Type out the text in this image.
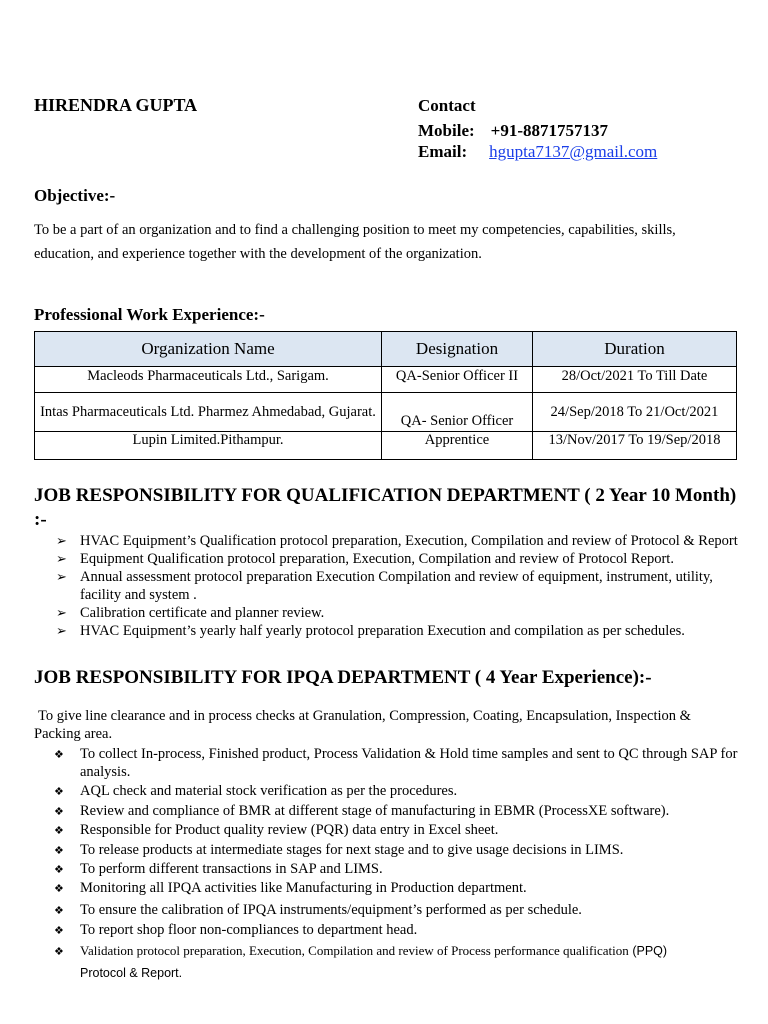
HIRENDRA GUPTA	Contact
Mobile: +91-8871757137
Email: hgupta7137@gmail.com
Objective:-
To be a part of an organization and to find a challenging position to meet my competencies, capabilities, skills, education, and experience together with the development of the organization.
Professional Work Experience:-
Organization Name	Designation	Duration
Macleods Pharmaceuticals Ltd., Sarigam.	QA-Senior Officer II	28/Oct/2021 To Till Date
Intas Pharmaceuticals Ltd. Pharmez Ahmedabad, Gujarat.	QA- Senior Officer	24/Sep/2018 To 21/Oct/2021
Lupin Limited.Pithampur.	Apprentice	13/Nov/2017 To 19/Sep/2018
JOB RESPONSIBILITY FOR QUALIFICATION DEPARTMENT ( 2 Year 10 Month) :-
➢ HVAC Equipment’s Qualification protocol preparation, Execution, Compilation and review of Protocol & Report
➢ Equipment Qualification protocol preparation, Execution, Compilation and review of Protocol Report.
➢ Annual assessment protocol preparation Execution Compilation and review of equipment, instrument, utility, facility and system .
➢ Calibration certificate and planner review.
➢ HVAC Equipment’s yearly half yearly protocol preparation Execution and compilation as per schedules.
JOB RESPONSIBILITY FOR IPQA DEPARTMENT ( 4 Year Experience):-
To give line clearance and in process checks at Granulation, Compression, Coating, Encapsulation, Inspection & Packing area.
❖ To collect In-process, Finished product, Process Validation & Hold time samples and sent to QC through SAP for analysis.
❖ AQL check and material stock verification as per the procedures.
❖ Review and compliance of BMR at different stage of manufacturing in EBMR (ProcessXE software).
❖ Responsible for Product quality review (PQR) data entry in Excel sheet.
❖ To release products at intermediate stages for next stage and to give usage decisions in LIMS.
❖ To perform different transactions in SAP and LIMS.
❖ Monitoring all IPQA activities like Manufacturing in Production department.
❖ To ensure the calibration of IPQA instruments/equipment’s performed as per schedule.
❖ To report shop floor non-compliances to department head.
❖ Validation protocol preparation, Execution, Compilation and review of Process performance qualification (PPQ)
Protocol & Report.
